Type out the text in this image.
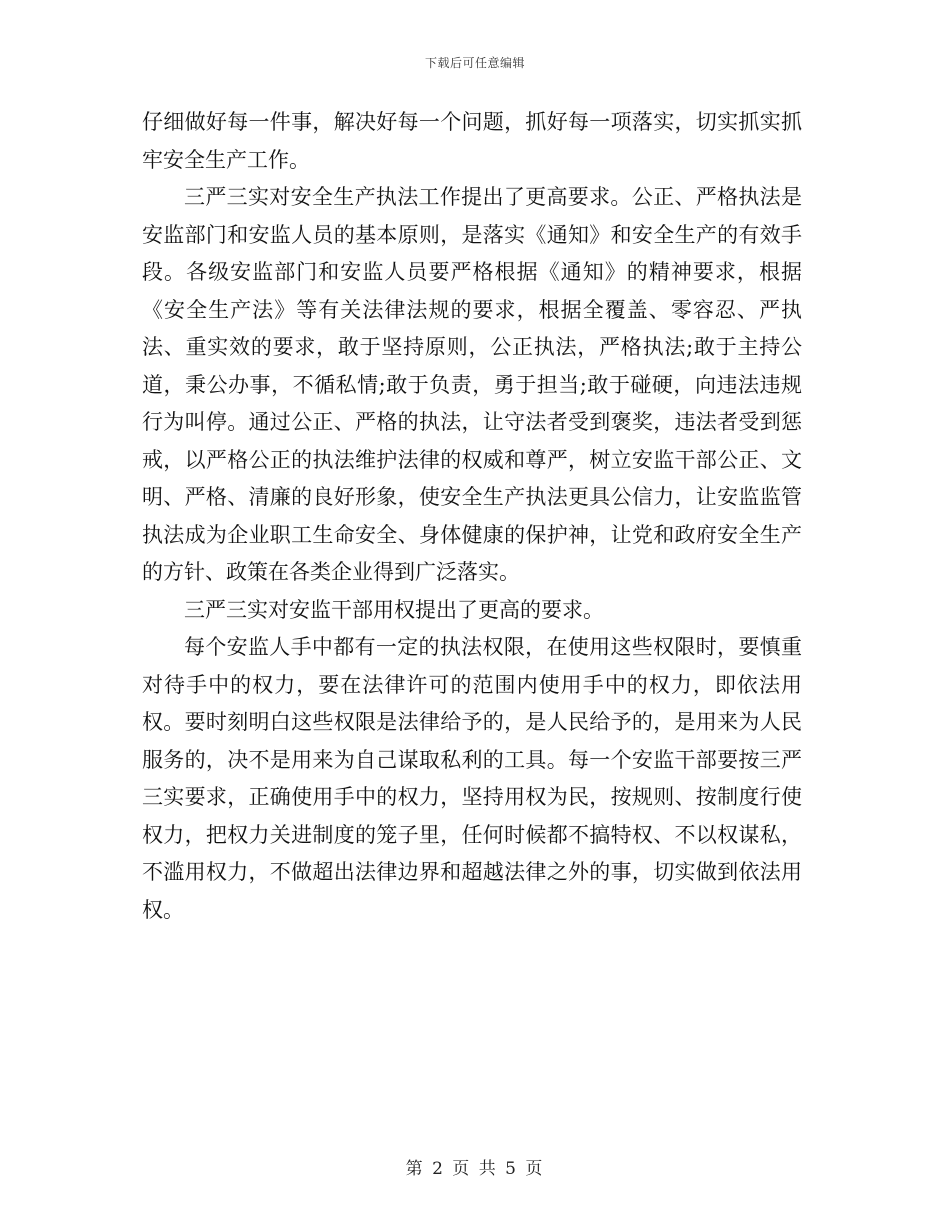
下载后可任意编辑

仔细做好每一件事，解决好每一个问题，抓好每一项落实，切实抓实抓牢安全生产工作。

三严三实对安全生产执法工作提出了更高要求。公正、严格执法是安监部门和安监人员的基本原则，是落实《通知》和安全生产的有效手段。各级安监部门和安监人员要严格根据《通知》的精神要求，根据《安全生产法》等有关法律法规的要求，根据全覆盖、零容忍、严执法、重实效的要求，敢于坚持原则，公正执法，严格执法;敢于主持公道，秉公办事，不循私情;敢于负责，勇于担当;敢于碰硬，向违法违规行为叫停。通过公正、严格的执法，让守法者受到褒奖，违法者受到惩戒，以严格公正的执法维护法律的权威和尊严，树立安监干部公正、文明、严格、清廉的良好形象，使安全生产执法更具公信力，让安监监管执法成为企业职工生命安全、身体健康的保护神，让党和政府安全生产的方针、政策在各类企业得到广泛落实。

三严三实对安监干部用权提出了更高的要求。

每个安监人手中都有一定的执法权限，在使用这些权限时，要慎重对待手中的权力，要在法律许可的范围内使用手中的权力，即依法用权。要时刻明白这些权限是法律给予的，是人民给予的，是用来为人民服务的，决不是用来为自己谋取私利的工具。每一个安监干部要按三严三实要求，正确使用手中的权力，坚持用权为民，按规则、按制度行使权力，把权力关进制度的笼子里，任何时候都不搞特权、不以权谋私，不滥用权力，不做超出法律边界和超越法律之外的事，切实做到依法用权。

第 2 页 共 5 页
